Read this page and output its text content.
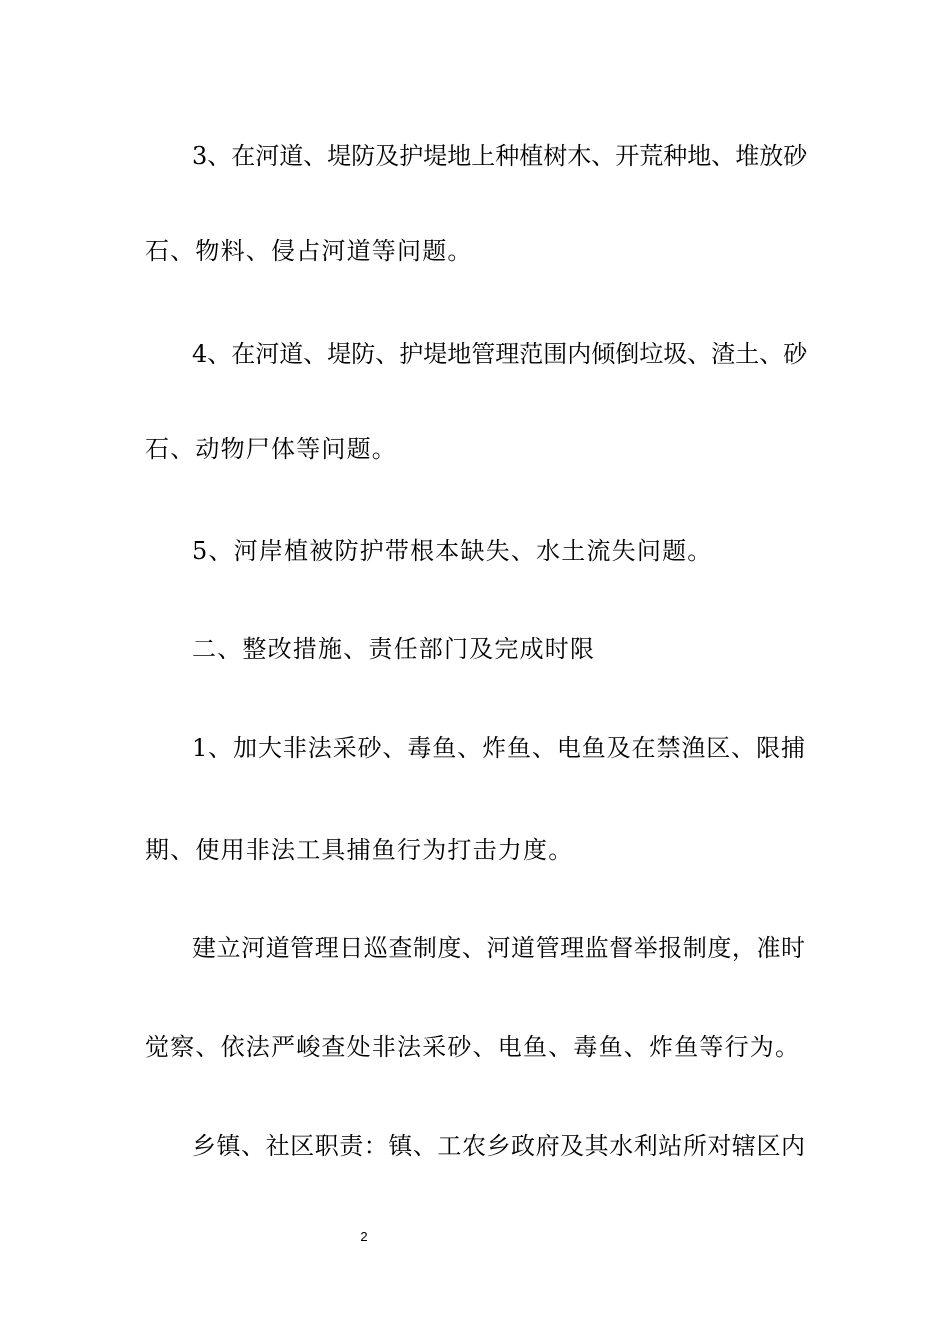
3、在河道、堤防及护堤地上种植树木、开荒种地、堆放砂
石、物料、侵占河道等问题。
4、在河道、堤防、护堤地管理范围内倾倒垃圾、渣土、砂
石、动物尸体等问题。
5、河岸植被防护带根本缺失、水土流失问题。
二、整改措施、责任部门及完成时限
1、加大非法采砂、毒鱼、炸鱼、电鱼及在禁渔区、限捕
期、使用非法工具捕鱼行为打击力度。
建立河道管理日巡查制度、河道管理监督举报制度，准时
觉察、依法严峻查处非法采砂、电鱼、毒鱼、炸鱼等行为。
乡镇、社区职责：镇、工农乡政府及其水利站所对辖区内
2
